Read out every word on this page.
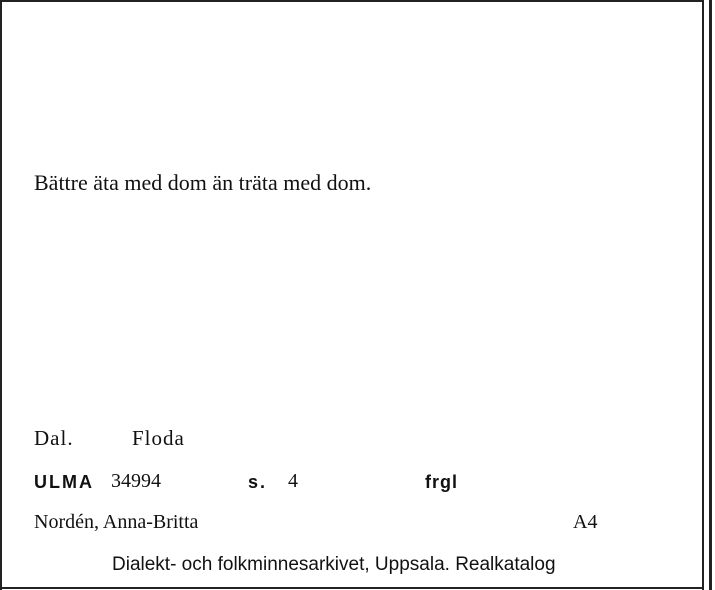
Bättre äta med dom än träta med dom.
Dal.	Floda
ULMA 34994	s. 4	frgl
Nordén, Anna-Britta	A4
Dialekt- och folkminnesarkivet, Uppsala. Realkatalog
